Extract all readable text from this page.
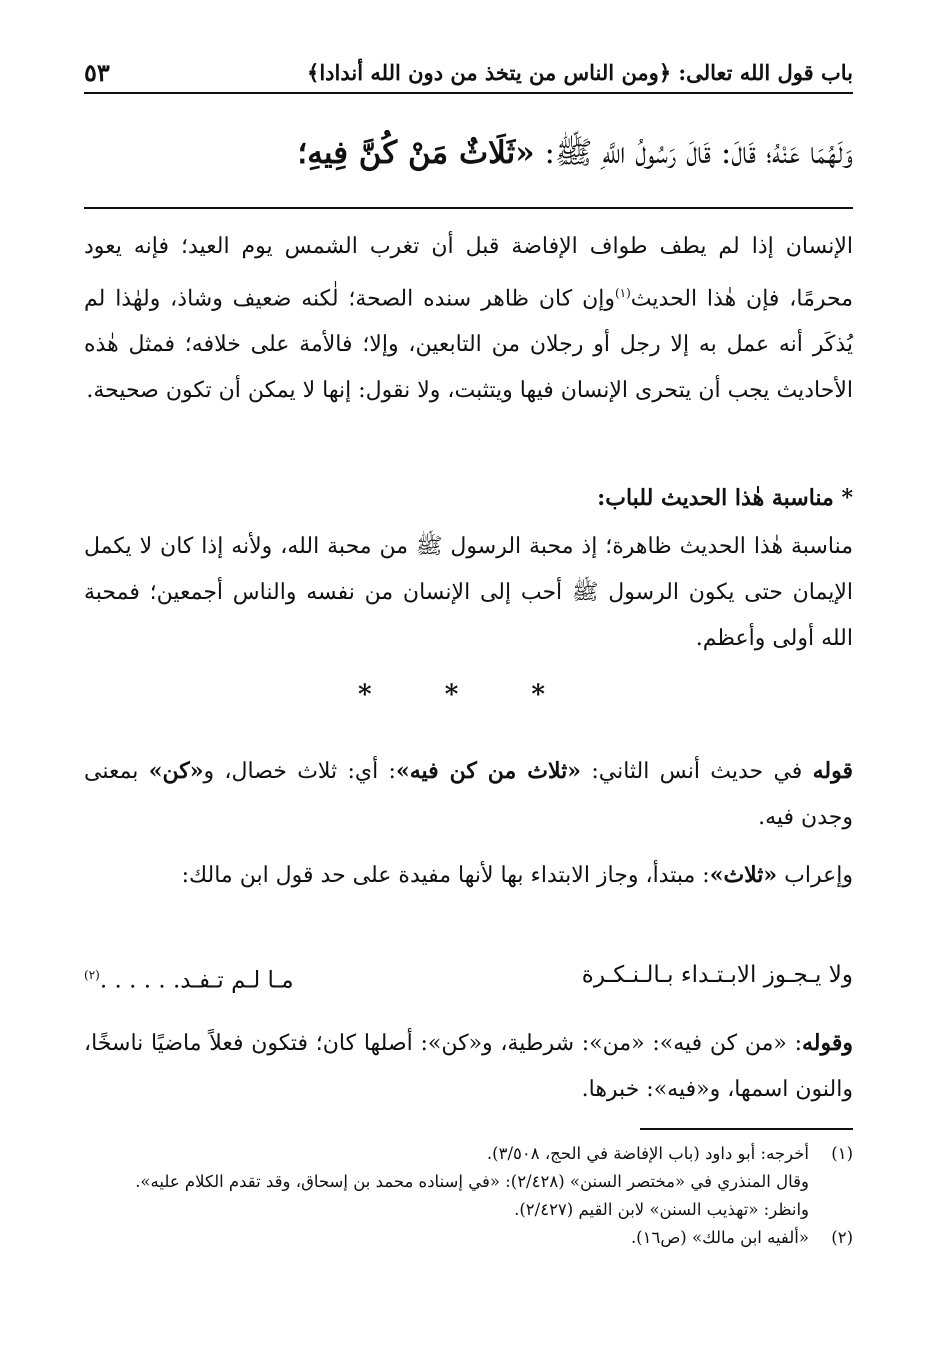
باب قول الله تعالى: ﴿ومن الناس من يتخذ من دون الله أندادا﴾
٥٣
وَلَهُمَا عَنْهُ؛ قَالَ: قَالَ رَسُولُ اللَّهِ ﷺ: «ثَلَاثٌ مَنْ كُنَّ فِيهِ؛

الإنسان إذا لم يطف طواف الإفاضة قبل أن تغرب الشمس يوم العيد؛ فإنه يعود محرمًا، فإن هٰذا الحديث$^{(١)}$وإن كان ظاهر سنده الصحة؛ لٰكنه ضعيف وشاذ، ولهٰذا لم يُذكَر أنه عمل به إلا رجل أو رجلان من التابعين، وإلا؛ فالأمة على خلافه؛ فمثل هٰذه الأحاديث يجب أن يتحرى الإنسان فيها ويتثبت، ولا نقول: إنها لا يمكن أن تكون صحيحة.

* مناسبة هٰذا الحديث للباب:

مناسبة هٰذا الحديث ظاهرة؛ إذ محبة الرسول ﷺ من محبة الله، ولأنه إذا كان لا يكمل الإيمان حتى يكون الرسول ﷺ أحب إلى الإنسان من نفسه والناس أجمعين؛ فمحبة الله أولى وأعظم.

* * *

قوله في حديث أنس الثاني: «ثلاث من كن فيه»: أي: ثلاث خصال، و«كن» بمعنى وجدن فيه.

وإعراب «ثلاث»: مبتدأ، وجاز الابتداء بها لأنها مفيدة على حد قول ابن مالك:

ولا يـجـوز الابـتـداء بـالـنـكـرة
مـا لـم تـفـد. . . . . .$^{(٢)}$

وقوله: «من كن فيه»: «من»: شرطية، و«كن»: أصلها كان؛ فتكون فعلاً ماضيًا ناسخًا، والنون اسمها، و«فيه»: خبرها.

(١)
أخرجه: أبو داود (باب الإفاضة في الحج، ٣/٥٠٨).
وقال المنذري في «مختصر السنن» (٢/٤٢٨): «في إسناده محمد بن إسحاق، وقد تقدم الكلام عليه».
وانظر: «تهذيب السنن» لابن القيم (٢/٤٢٧).
(٢)
«ألفيه ابن مالك» (ص١٦).
